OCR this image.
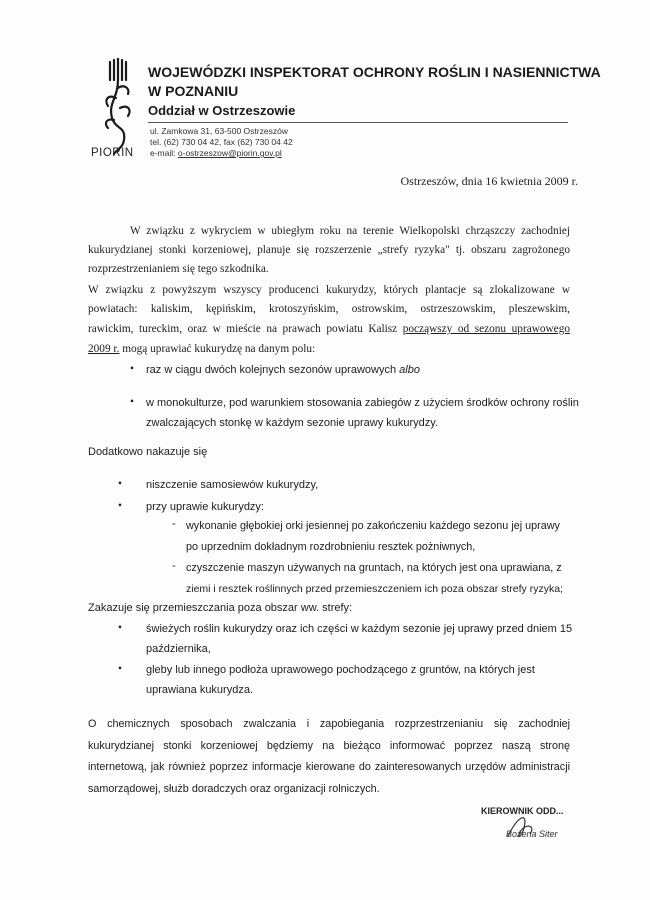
PIORIN
WOJEWÓDZKI INSPEKTORAT OCHRONY ROŚLIN I NASIENNICTWA
W POZNANIU
Oddział w Ostrzeszowie
ul. Zamkowa 31, 63-500 Ostrzeszów
tel. (62) 730 04 42, fax (62) 730 04 42
e-mail: o-ostrzeszow@piorin.gov.pl
Ostrzeszów, dnia 16 kwietnia 2009 r.
W związku z wykryciem w ubiegłym roku na terenie Wielkopolski chrząszczy zachodniej
kukurydzianej stonki korzeniowej, planuje się rozszerzenie „strefy ryzyka" tj. obszaru zagrożonego
rozprzestrzenianiem się tego szkodnika.
W związku z powyższym wszyscy producenci kukurydzy, których plantacje są zlokalizowane w
powiatach: kaliskim, kępińskim, krotoszyńskim, ostrowskim, ostrzeszowskim, pleszewskim,
rawickim, tureckim, oraz w mieście na prawach powiatu Kalisz począwszy od sezonu uprawowego
2009 r. mogą uprawiać kukurydzę na danym polu:
• raz w ciągu dwóch kolejnych sezonów uprawowych albo
• w monokulturze, pod warunkiem stosowania zabiegów z użyciem środków ochrony roślin
zwalczających stonkę w każdym sezonie uprawy kukurydzy.
Dodatkowo nakazuje się
• niszczenie samosiewów kukurydzy,
• przy uprawie kukurydzy:
- wykonanie głębokiej orki jesiennej po zakończeniu każdego sezonu jej uprawy
po uprzednim dokładnym rozdrobnieniu resztek pożniwnych,
- czyszczenie maszyn używanych na gruntach, na których jest ona uprawiana, z
ziemi i resztek roślinnych przed przemieszczeniem ich poza obszar strefy ryzyka;
Zakazuje się przemieszczania poza obszar ww. strefy:
• świeżych roślin kukurydzy oraz ich części w każdym sezonie jej uprawy przed dniem 15
października,
• gleby lub innego podłoża uprawowego pochodzącego z gruntów, na których jest
uprawiana kukurydza.
O chemicznych sposobach zwalczania i zapobiegania rozprzestrzenianiu się zachodniej
kukurydzianej stonki korzeniowej będziemy na bieżąco informować poprzez naszą stronę
internetową, jak również poprzez informacje kierowane do zainteresowanych urzędów administracji
samorządowej, służb doradczych oraz organizacji rolniczych.
KIEROWNIK ODD...
Bożena Siter
